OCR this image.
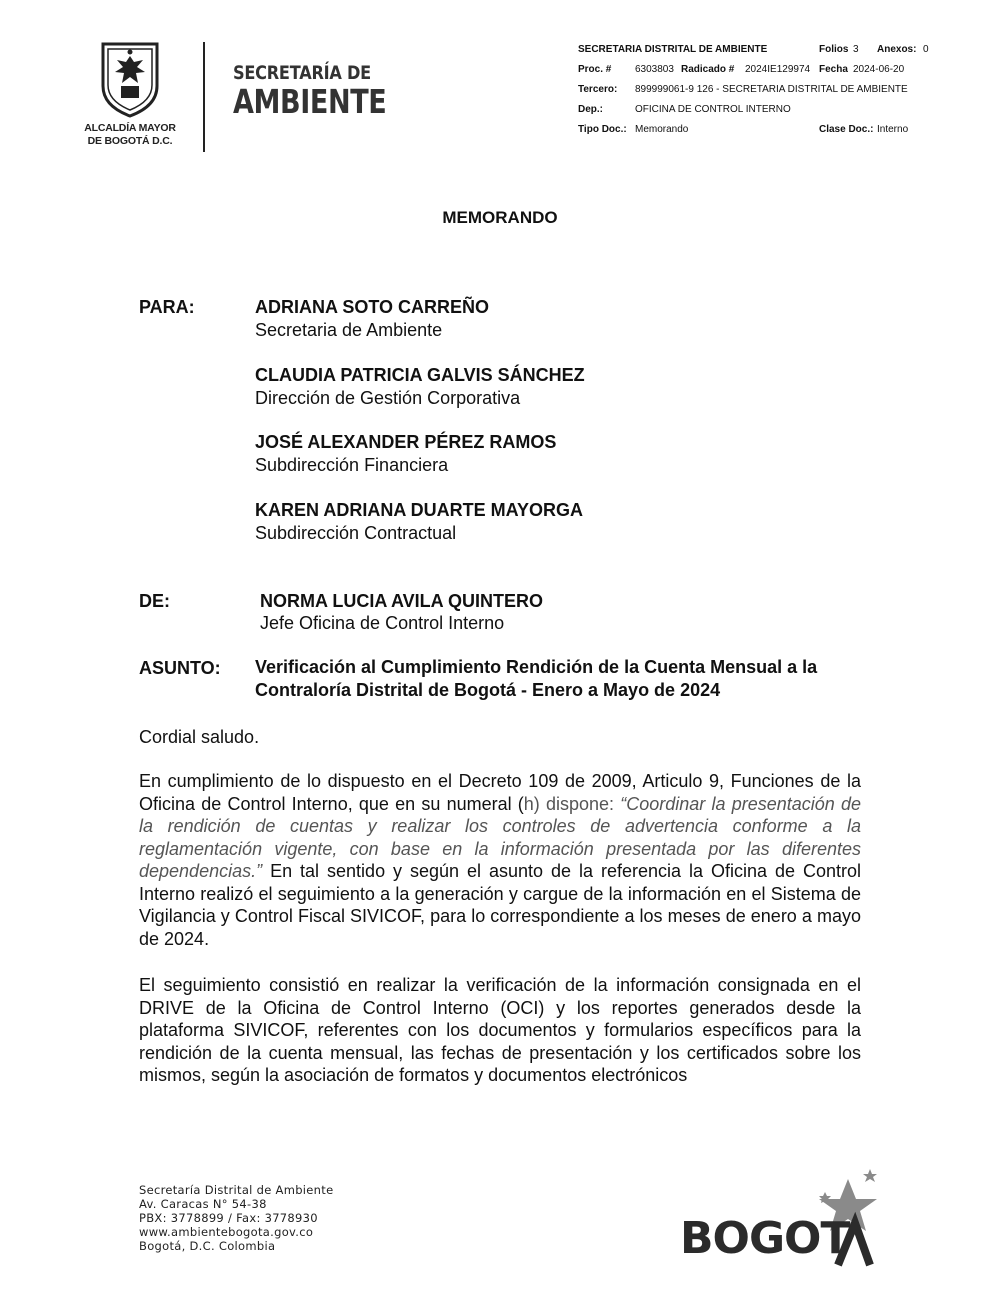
ALCALDÍA MAYOR
DE BOGOTÁ D.C.
SECRETARÍA DE
AMBIENTE
SECRETARIA DISTRITAL DE AMBIENTE	Folios 3 Anexos: 0
Proc. # 6303803 Radicado # 2024IE129974 Fecha 2024-06-20
Tercero: 899999061-9 126 - SECRETARIA DISTRITAL DE AMBIENTE
Dep.:	OFICINA DE CONTROL INTERNO
Tipo Doc.: Memorando	Clase Doc.: Interno
MEMORANDO
PARA:	ADRIANA SOTO CARREÑO
Secretaria de Ambiente
CLAUDIA PATRICIA GALVIS SÁNCHEZ
Dirección de Gestión Corporativa
JOSÉ ALEXANDER PÉREZ RAMOS
Subdirección Financiera
KAREN ADRIANA DUARTE MAYORGA
Subdirección Contractual
DE:	NORMA LUCIA AVILA QUINTERO
Jefe Oficina de Control Interno
ASUNTO: Verificación al Cumplimiento Rendición de la Cuenta Mensual a la Contraloría Distrital de Bogotá - Enero a Mayo de 2024
Cordial saludo.
En cumplimiento de lo dispuesto en el Decreto 109 de 2009, Articulo 9, Funciones de la Oficina de Control Interno, que en su numeral (h) dispone: “Coordinar la presentación de la rendición de cuentas y realizar los controles de advertencia conforme a la reglamentación vigente, con base en la información presentada por las diferentes dependencias.” En tal sentido y según el asunto de la referencia la Oficina de Control Interno realizó el seguimiento a la generación y cargue de la información en el Sistema de Vigilancia y Control Fiscal SIVICOF, para lo correspondiente a los meses de enero a mayo de 2024.
El seguimiento consistió en realizar la verificación de la información consignada en el DRIVE de la Oficina de Control Interno (OCI) y los reportes generados desde la plataforma SIVICOF, referentes con los documentos y formularios específicos para la rendición de la cuenta mensual, las fechas de presentación y los certificados sobre los mismos, según la asociación de formatos y documentos electrónicos
Secretaría Distrital de Ambiente
Av. Caracas N° 54-38
PBX: 3778899 / Fax: 3778930
www.ambientebogota.gov.co
Bogotá, D.C. Colombia	BOGOT
